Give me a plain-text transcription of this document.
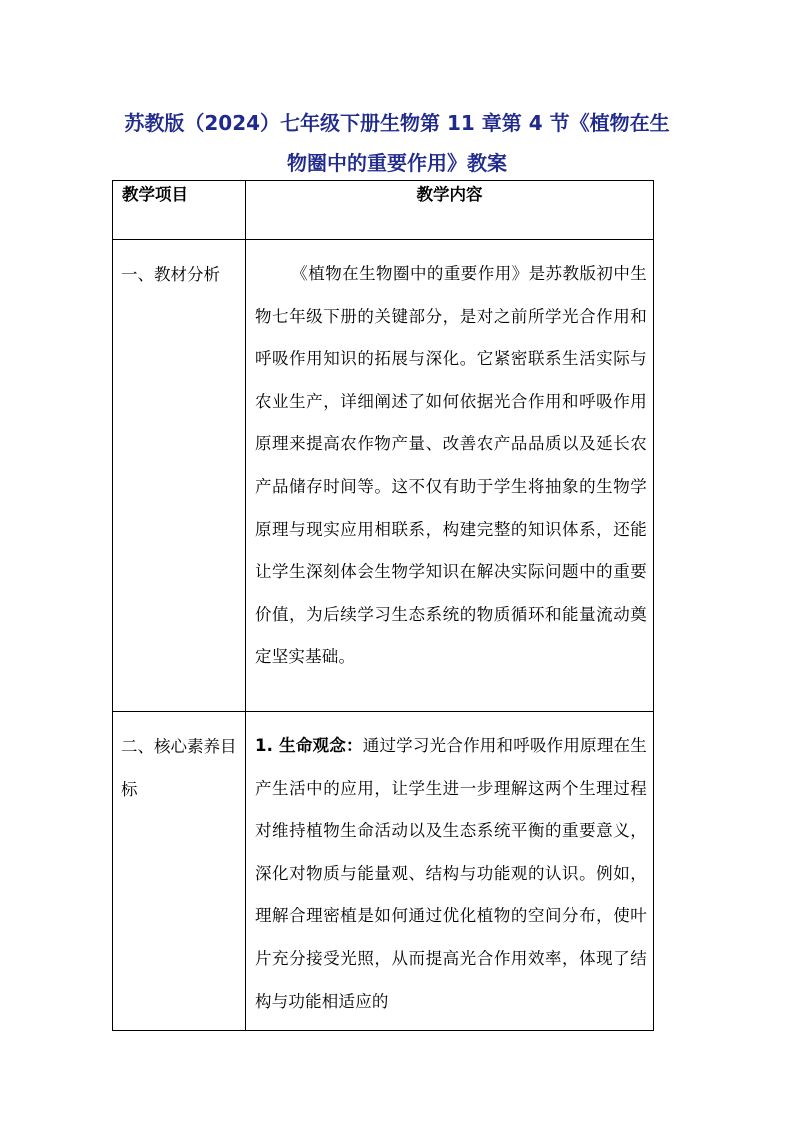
苏教版（2024）七年级下册生物第 11 章第 4 节《植物在生
物圈中的重要作用》教案
教学项目	教学内容
一、教材分析	《植物在生物圈中的重要作用》是苏教版初中生物七年级下册的关键部分，是对之前所学光合作用和呼吸作用知识的拓展与深化。它紧密联系生活实际与农业生产，详细阐述了如何依据光合作用和呼吸作用原理来提高农作物产量、改善农产品品质以及延长农产品储存时间等。这不仅有助于学生将抽象的生物学原理与现实应用相联系，构建完整的知识体系，还能让学生深刻体会生物学知识在解决实际问题中的重要价值，为后续学习生态系统的物质循环和能量流动奠定坚实基础。

二、核心素养目标	1. 生命观念：通过学习光合作用和呼吸作用原理在生产生活中的应用，让学生进一步理解这两个生理过程对维持植物生命活动以及生态系统平衡的重要意义，深化对物质与能量观、结构与功能观的认识。例如，理解合理密植是如何通过优化植物的空间分布，使叶片充分接受光照，从而提高光合作用效率，体现了结构与功能相适应的
